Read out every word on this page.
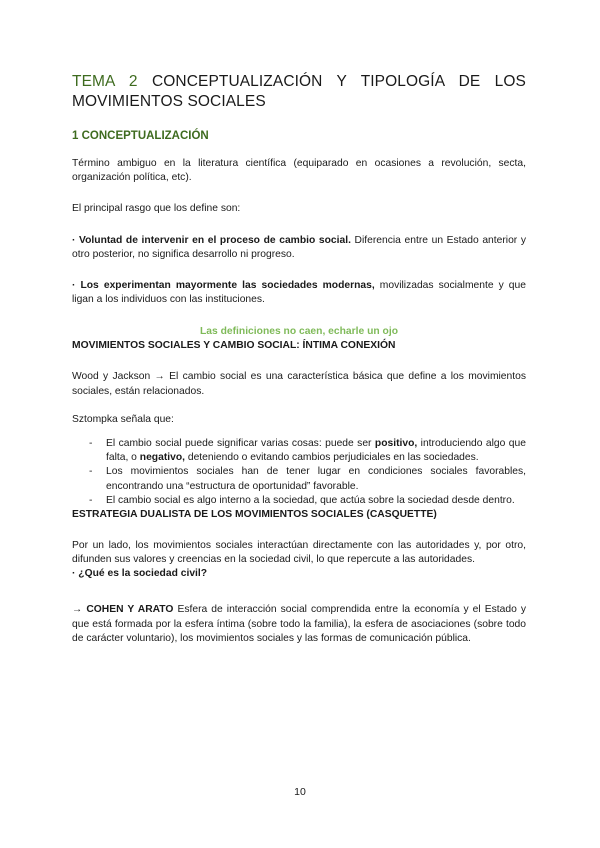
TEMA 2 CONCEPTUALIZACIÓN Y TIPOLOGÍA DE LOS MOVIMIENTOS SOCIALES
1 CONCEPTUALIZACIÓN

Término ambiguo en la literatura científica (equiparado en ocasiones a revolución, secta, organización política, etc).

El principal rasgo que los define son:

· Voluntad de intervenir en el proceso de cambio social. Diferencia entre un Estado anterior y otro posterior, no significa desarrollo ni progreso.

· Los experimentan mayormente las sociedades modernas, movilizadas socialmente y que ligan a los individuos con las instituciones.

Las definiciones no caen, echarle un ojo
MOVIMIENTOS SOCIALES Y CAMBIO SOCIAL: ÍNTIMA CONEXIÓN

Wood y Jackson → El cambio social es una característica básica que define a los movimientos sociales, están relacionados.

Sztompka señala que:

- El cambio social puede significar varias cosas: puede ser positivo, introduciendo algo que falta, o negativo, deteniendo o evitando cambios perjudiciales en las sociedades.
- Los movimientos sociales han de tener lugar en condiciones sociales favorables, encontrando una “estructura de oportunidad” favorable.
- El cambio social es algo interno a la sociedad, que actúa sobre la sociedad desde dentro.
ESTRATEGIA DUALISTA DE LOS MOVIMIENTOS SOCIALES (CASQUETTE)

Por un lado, los movimientos sociales interactúan directamente con las autoridades y, por otro, difunden sus valores y creencias en la sociedad civil, lo que repercute a las autoridades.

· ¿Qué es la sociedad civil?

→ COHEN Y ARATO Esfera de interacción social comprendida entre la economía y el Estado y que está formada por la esfera íntima (sobre todo la familia), la esfera de asociaciones (sobre todo de carácter voluntario), los movimientos sociales y las formas de comunicación pública.

10
